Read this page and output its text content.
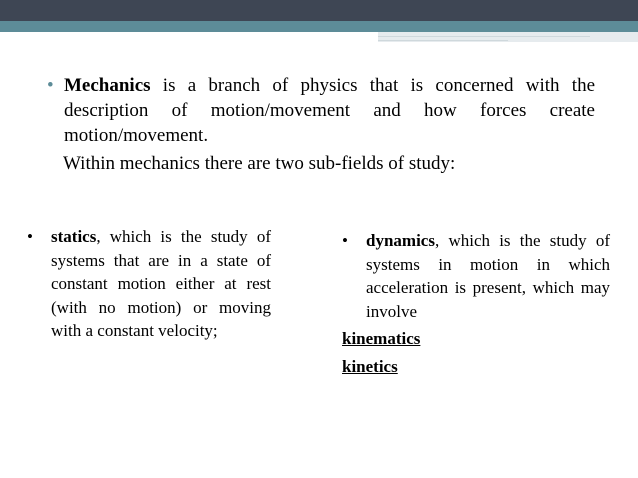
• Mechanics is a branch of physics that is concerned with the description of motion/movement and how forces create motion/movement.
Within mechanics there are two sub-fields of study:
•	statics, which is the study of systems that are in a state of constant motion either at rest (with no motion) or moving with a constant velocity;
•	dynamics, which is the study of systems in motion in which acceleration is present, which may involve
kinematics
kinetics
